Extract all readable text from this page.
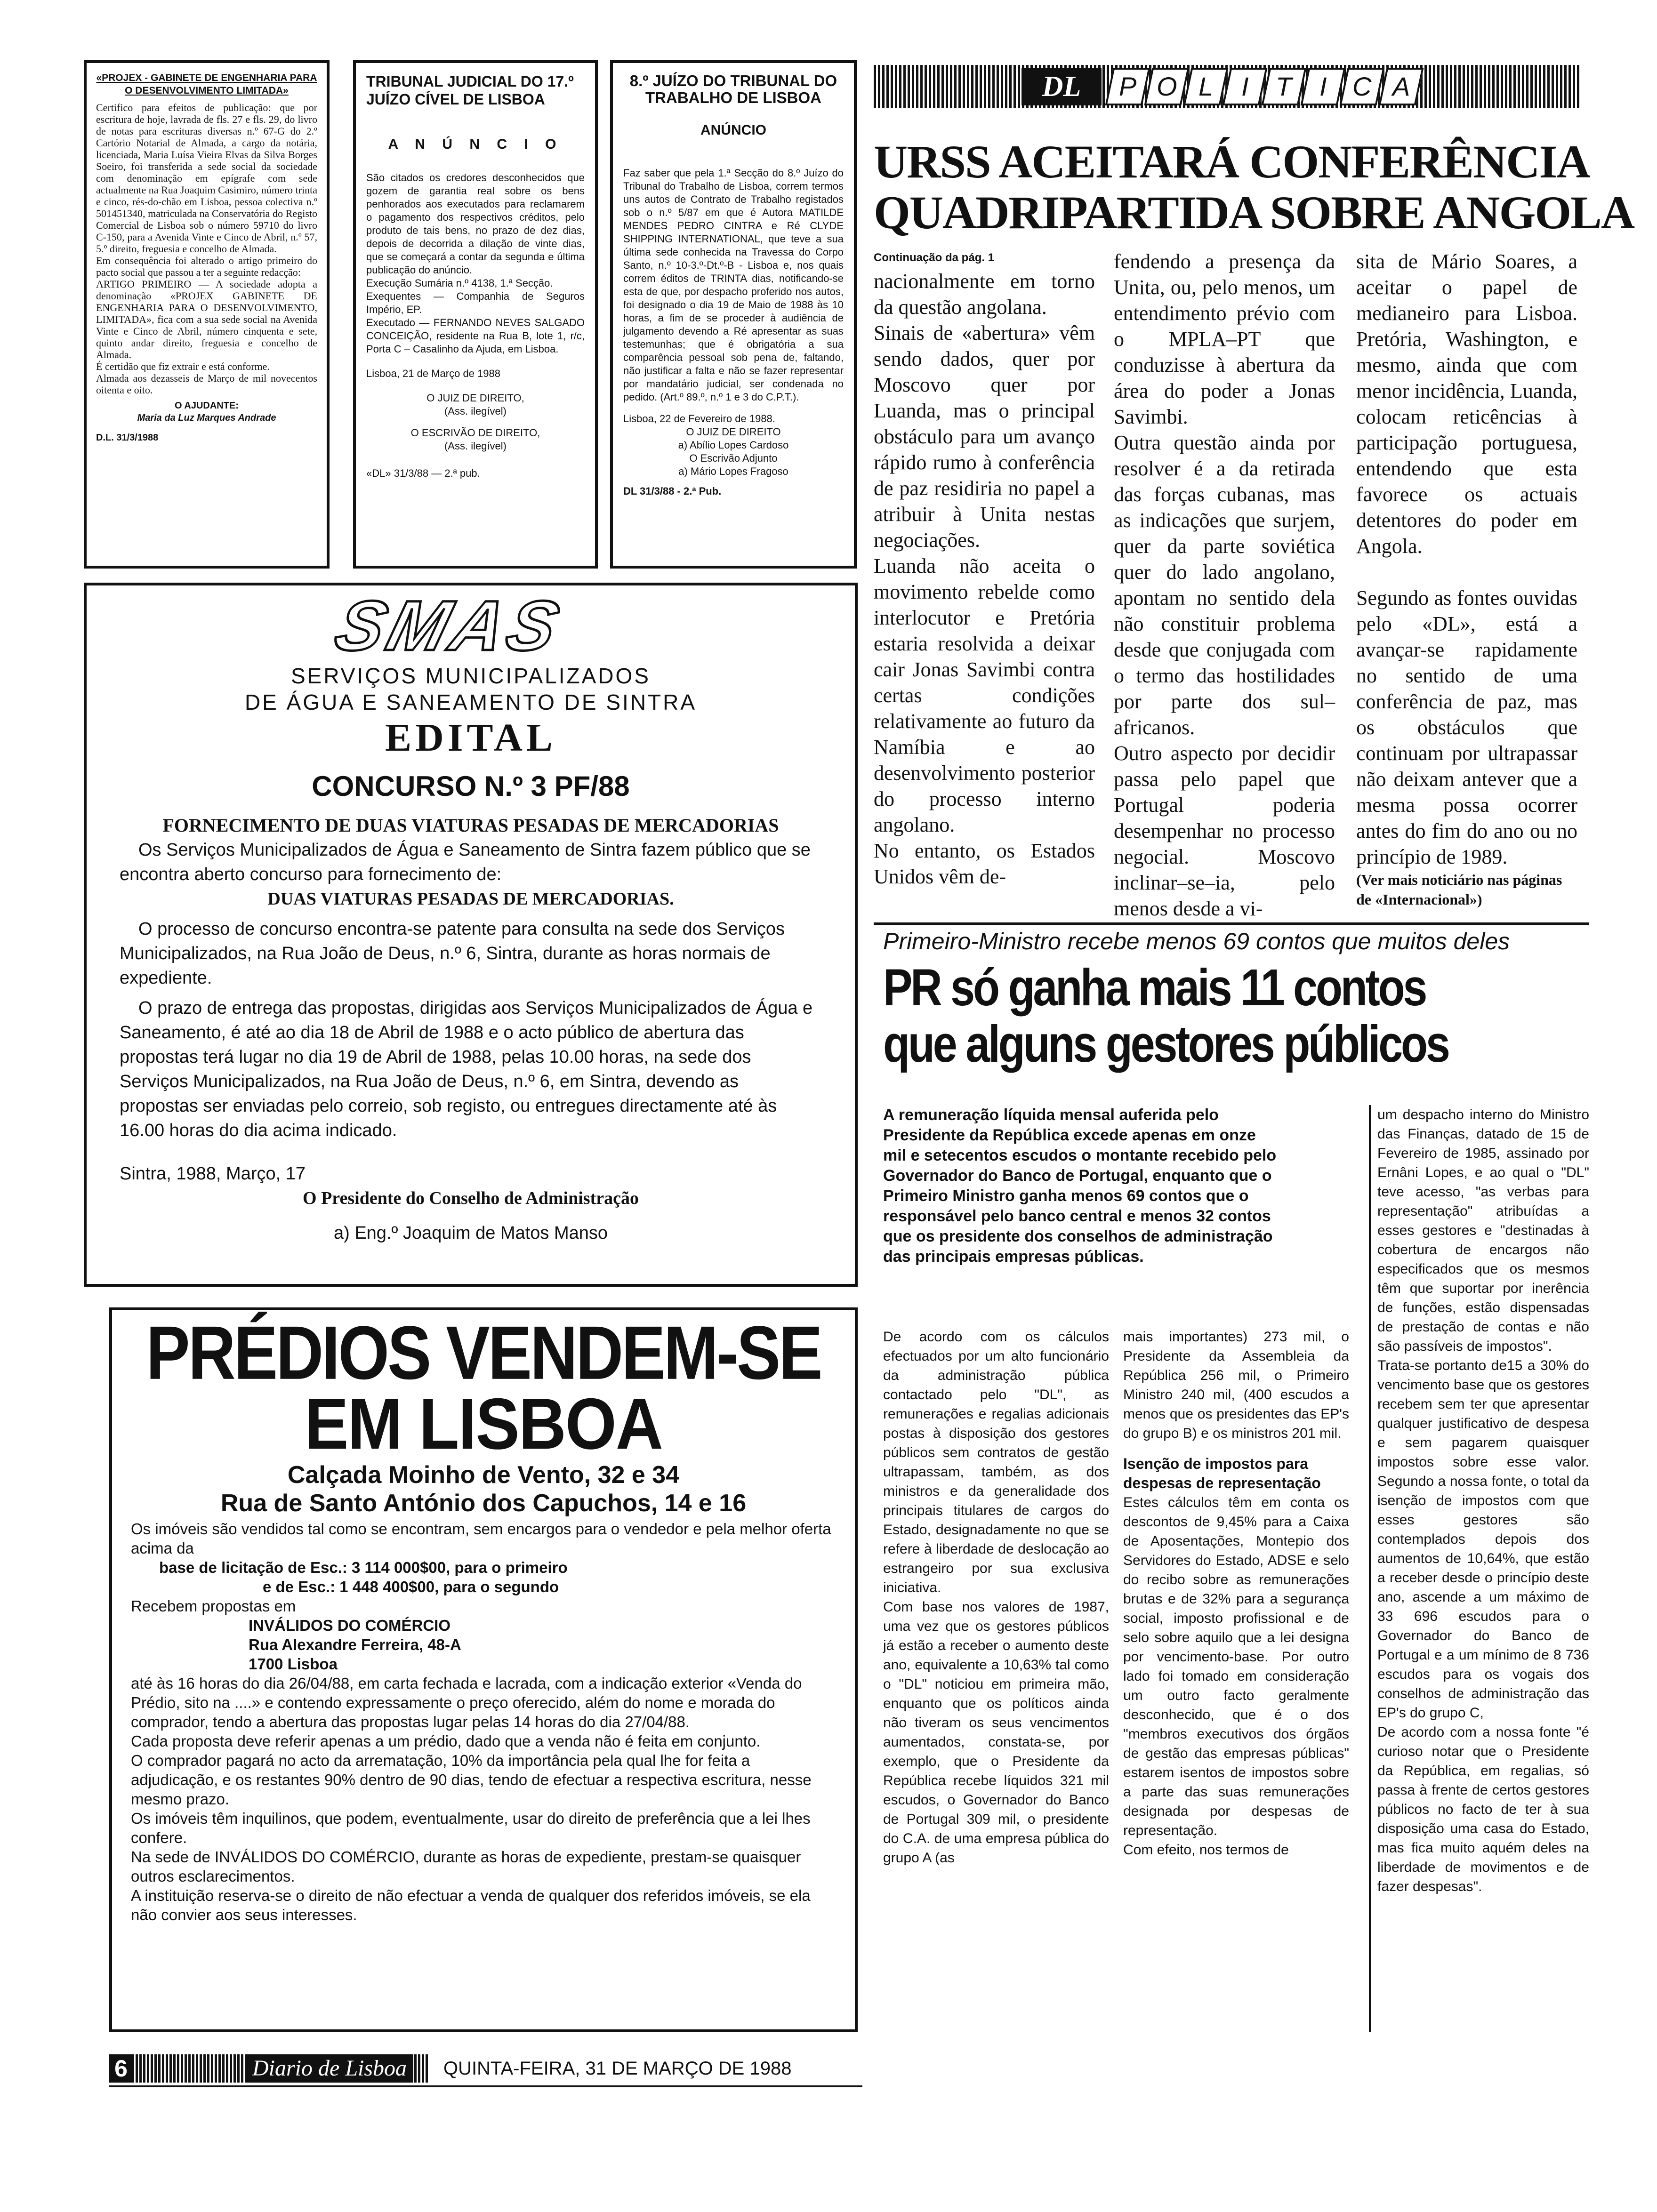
«PROJEX - GABINETE DE ENGENHARIA PARA O DESENVOLVIMENTO LIMITADA»

Certifico para efeitos de publicação: que por escritura de hoje, lavrada de fls. 27 e fls. 29, do livro de notas para escrituras diversas n.º 67-G do 2.º Cartório Notarial de Almada, a cargo da notária, licenciada, Maria Luísa Vieira Elvas da Silva Borges Soeiro, foi transferida a sede social da sociedade com denominação em epígrafe com sede actualmente na Rua Joaquim Casimiro, número trinta e cinco, rés-do-chão em Lisboa, pessoa colectiva n.º 501451340, matriculada na Conservatória do Registo Comercial de Lisboa sob o número 59710 do livro C-150, para a Avenida Vinte e Cinco de Abril, n.º 57, 5.º direito, freguesia e concelho de Almada.
Em consequência foi alterado o artigo primeiro do pacto social que passou a ter a seguinte redacção:
ARTIGO PRIMEIRO — A sociedade adopta a denominação «PROJEX GABINETE DE ENGENHARIA PARA O DESENVOLVIMENTO, LIMITADA», fica com a sua sede social na Avenida Vinte e Cinco de Abril, número cinquenta e sete, quinto andar direito, freguesia e concelho de Almada.
É certidão que fiz extrair e está conforme.
Almada aos dezasseis de Março de mil novecentos oitenta e oito.

O AJUDANTE:

Maria da Luz Marques Andrade

D.L. 31/3/1988

TRIBUNAL JUDICIAL DO 17.º JUÍZO CÍVEL DE LISBOA

A N Ú N C I O

São citados os credores desconhecidos que gozem de garantia real sobre os bens penhorados aos executados para reclamarem o pagamento dos respectivos créditos, pelo produto de tais bens, no prazo de dez dias, depois de decorrida a dilação de vinte dias, que se começará a contar da segunda e última publicação do anúncio.
Execução Sumária n.º 4138, 1.ª Secção.
Exequentes — Companhia de Seguros Império, EP.
Executado — FERNANDO NEVES SALGADO CONCEIÇÃO, residente na Rua B, lote 1, r/c, Porta C – Casalinho da Ajuda, em Lisboa.

Lisboa, 21 de Março de 1988

O JUIZ DE DIREITO,
(Ass. ilegível)

O ESCRIVÃO DE DIREITO,
(Ass. ilegível)

«DL» 31/3/88 — 2.ª pub.

8.º JUÍZO DO TRIBUNAL DO TRABALHO DE LISBOA

ANÚNCIO

Faz saber que pela 1.ª Secção do 8.º Juízo do Tribunal do Trabalho de Lisboa, correm termos uns autos de Contrato de Trabalho registados sob o n.º 5/87 em que é Autora MATILDE MENDES PEDRO CINTRA e Ré CLYDE SHIPPING INTERNATIONAL, que teve a sua última sede conhecida na Travessa do Corpo Santo, n.º 10-3.º-Dt.º-B - Lisboa e, nos quais correm éditos de TRINTA dias, notificando-se esta de que, por despacho proferido nos autos, foi designado o dia 19 de Maio de 1988 às 10 horas, a fim de se proceder à audiência de julgamento devendo a Ré apresentar as suas testemunhas; que é obrigatória a sua comparência pessoal sob pena de, faltando, não justificar a falta e não se fazer representar por mandatário judicial, ser condenada no pedido. (Art.º 89.º, n.º 1 e 3 do C.P.T.).

Lisboa, 22 de Fevereiro de 1988.

O JUIZ DE DIREITO
a) Abílio Lopes Cardoso
O Escrivão Adjunto
a) Mário Lopes Fragoso

DL 31/3/88 - 2.ª Pub.

SMAS

SERVIÇOS MUNICIPALIZADOS

DE ÁGUA E SANEAMENTO DE SINTRA

EDITAL

CONCURSO N.º 3 PF/88

FORNECIMENTO DE DUAS VIATURAS PESADAS DE MERCADORIAS

Os Serviços Municipalizados de Água e Saneamento de Sintra fazem público que se encontra aberto concurso para fornecimento de:

DUAS VIATURAS PESADAS DE MERCADORIAS.

O processo de concurso encontra-se patente para consulta na sede dos Serviços Municipalizados, na Rua João de Deus, n.º 6, Sintra, durante as horas normais de expediente.

O prazo de entrega das propostas, dirigidas aos Serviços Municipalizados de Água e Saneamento, é até ao dia 18 de Abril de 1988 e o acto público de abertura das propostas terá lugar no dia 19 de Abril de 1988, pelas 10.00 horas, na sede dos Serviços Municipalizados, na Rua João de Deus, n.º 6, em Sintra, devendo as propostas ser enviadas pelo correio, sob registo, ou entregues directamente até às 16.00 horas do dia acima indicado.

Sintra, 1988, Março, 17

O Presidente do Conselho de Administração

a) Eng.º Joaquim de Matos Manso

PRÉDIOS VENDEM-SE

EM LISBOA

Calçada Moinho de Vento, 32 e 34

Rua de Santo António dos Capuchos, 14 e 16

Os imóveis são vendidos tal como se encontram, sem encargos para o vendedor e pela melhor oferta acima da

base de licitação de Esc.: 3 114 000$00, para o primeiro

e de Esc.: 1 448 400$00, para o segundo

Recebem propostas em

INVÁLIDOS DO COMÉRCIO
Rua Alexandre Ferreira, 48-A
1700 Lisboa

até às 16 horas do dia 26/04/88, em carta fechada e lacrada, com a indicação exterior «Venda do Prédio, sito na ....» e contendo expressamente o preço oferecido, além do nome e morada do comprador, tendo a abertura das propostas lugar pelas 14 horas do dia 27/04/88.

Cada proposta deve referir apenas a um prédio, dado que a venda não é feita em conjunto.

O comprador pagará no acto da arrematação, 10% da importância pela qual lhe for feita a adjudicação, e os restantes 90% dentro de 90 dias, tendo de efectuar a respectiva escritura, nesse mesmo prazo.

Os imóveis têm inquilinos, que podem, eventualmente, usar do direito de preferência que a lei lhes confere.

Na sede de INVÁLIDOS DO COMÉRCIO, durante as horas de expediente, prestam-se quaisquer outros esclarecimentos.

A instituição reserva-se o direito de não efectuar a venda de qualquer dos referidos imóveis, se ela não convier aos seus interesses.

DL	P O L	I	T	I C A

URSS ACEITARÁ CONFERÊNCIA

QUADRIPARTIDA SOBRE ANGOLA

Continuação da pág. 1

nacionalmente em torno da questão angolana.
Sinais de «abertura» vêm sendo dados, quer por Moscovo quer por Luanda, mas o principal obstáculo para um avanço rápido rumo à conferência de paz residiria no papel a atribuir à Unita nestas negociações.
Luanda não aceita o movimento rebelde como interlocutor e Pretória estaria resolvida a deixar cair Jonas Savimbi contra certas condições relativamente ao futuro da Namíbia e ao desenvolvimento posterior do processo interno angolano.
No entanto, os Estados Unidos vêm de-

fendendo a presença da Unita, ou, pelo menos, um entendimento prévio com o MPLA–PT que conduzisse à abertura da área do poder a Jonas Savimbi.
Outra questão ainda por resolver é a da retirada das forças cubanas, mas as indicações que surjem, quer da parte soviética quer do lado angolano, apontam no sentido dela não constituir problema desde que conjugada com o termo das hostilidades por parte dos sul–africanos.
Outro aspecto por decidir passa pelo papel que Portugal poderia desempenhar no processo negocial. Moscovo inclinar–se–ia, pelo menos desde a vi-

sita de Mário Soares, a aceitar o papel de medianeiro para Lisboa. Pretória, Washington, e mesmo, ainda que com menor incidência, Luanda, colocam reticências à participação portuguesa, entendendo que esta favorece os actuais detentores do poder em Angola.

Segundo as fontes ouvidas pelo «DL», está a avançar-se rapidamente no sentido de uma conferência de paz, mas os obstáculos que continuam por ultrapassar não deixam antever que a mesma possa ocorrer antes do fim do ano ou no princípio de 1989.

(Ver mais noticiário nas páginas de «Internacional»)

Primeiro-Ministro recebe menos 69 contos que muitos deles

PR só ganha mais 11 contos

que alguns gestores públicos

A remuneração líquida mensal auferida pelo Presidente da República excede apenas em onze mil e setecentos escudos o montante recebido pelo Governador do Banco de Portugal, enquanto que o Primeiro Ministro ganha menos 69 contos que o responsável pelo banco central e menos 32 contos que os presidente dos conselhos de administração das principais empresas públicas.

De acordo com os cálculos efectuados por um alto funcionário da administração pública contactado pelo "DL", as remunerações e regalias adicionais postas à disposição dos gestores públicos sem contratos de gestão ultrapassam, também, as dos ministros e da generalidade dos principais titulares de cargos do Estado, designadamente no que se refere à liberdade de deslocação ao estrangeiro por sua exclusiva iniciativa.
Com base nos valores de 1987, uma vez que os gestores públicos já estão a receber o aumento deste ano, equivalente a 10,63% tal como o "DL" noticiou em primeira mão, enquanto que os políticos ainda não tiveram os seus vencimentos aumentados, constata-se, por exemplo, que o Presidente da República recebe líquidos 321 mil escudos, o Governador do Banco de Portugal 309 mil, o presidente do C.A. de uma empresa pública do grupo A (as

mais importantes) 273 mil, o Presidente da Assembleia da República 256 mil, o Primeiro Ministro 240 mil, (400 escudos a menos que os presidentes das EP's do grupo B) e os ministros 201 mil.

Isenção de impostos para despesas de representação

Estes cálculos têm em conta os descontos de 9,45% para a Caixa de Aposentações, Montepio dos Servidores do Estado, ADSE e selo do recibo sobre as remunerações brutas e de 32% para a segurança social, imposto profissional e de selo sobre aquilo que a lei designa por vencimento-base. Por outro lado foi tomado em consideração um outro facto geralmente desconhecido, que é o dos "membros executivos dos órgãos de gestão das empresas públicas" estarem isentos de impostos sobre a parte das suas remunerações designada por despesas de representação.
Com efeito, nos termos de

um despacho interno do Ministro das Finanças, datado de 15 de Fevereiro de 1985, assinado por Ernâni Lopes, e ao qual o "DL" teve acesso, "as verbas para representação" atribuídas a esses gestores e "destinadas à cobertura de encargos não especificados que os mesmos têm que suportar por inerência de funções, estão dispensadas de prestação de contas e não são passíveis de impostos".
Trata-se portanto de15 a 30% do vencimento base que os gestores recebem sem ter que apresentar qualquer justificativo de despesa e sem pagarem quaisquer impostos sobre esse valor. Segundo a nossa fonte, o total da isenção de impostos com que esses gestores são contemplados depois dos aumentos de 10,64%, que estão a receber desde o princípio deste ano, ascende a um máximo de 33 696 escudos para o Governador do Banco de Portugal e a um mínimo de 8 736 escudos para os vogais dos conselhos de administração das EP's do grupo C,
De acordo com a nossa fonte "é curioso notar que o Presidente da República, em regalias, só passa à frente de certos gestores públicos no facto de ter à sua disposição uma casa do Estado, mas fica muito aquém deles na liberdade de movimentos e de fazer despesas".

6	Diario de Lisboa	QUINTA-FEIRA, 31 DE MARÇO DE 1988
